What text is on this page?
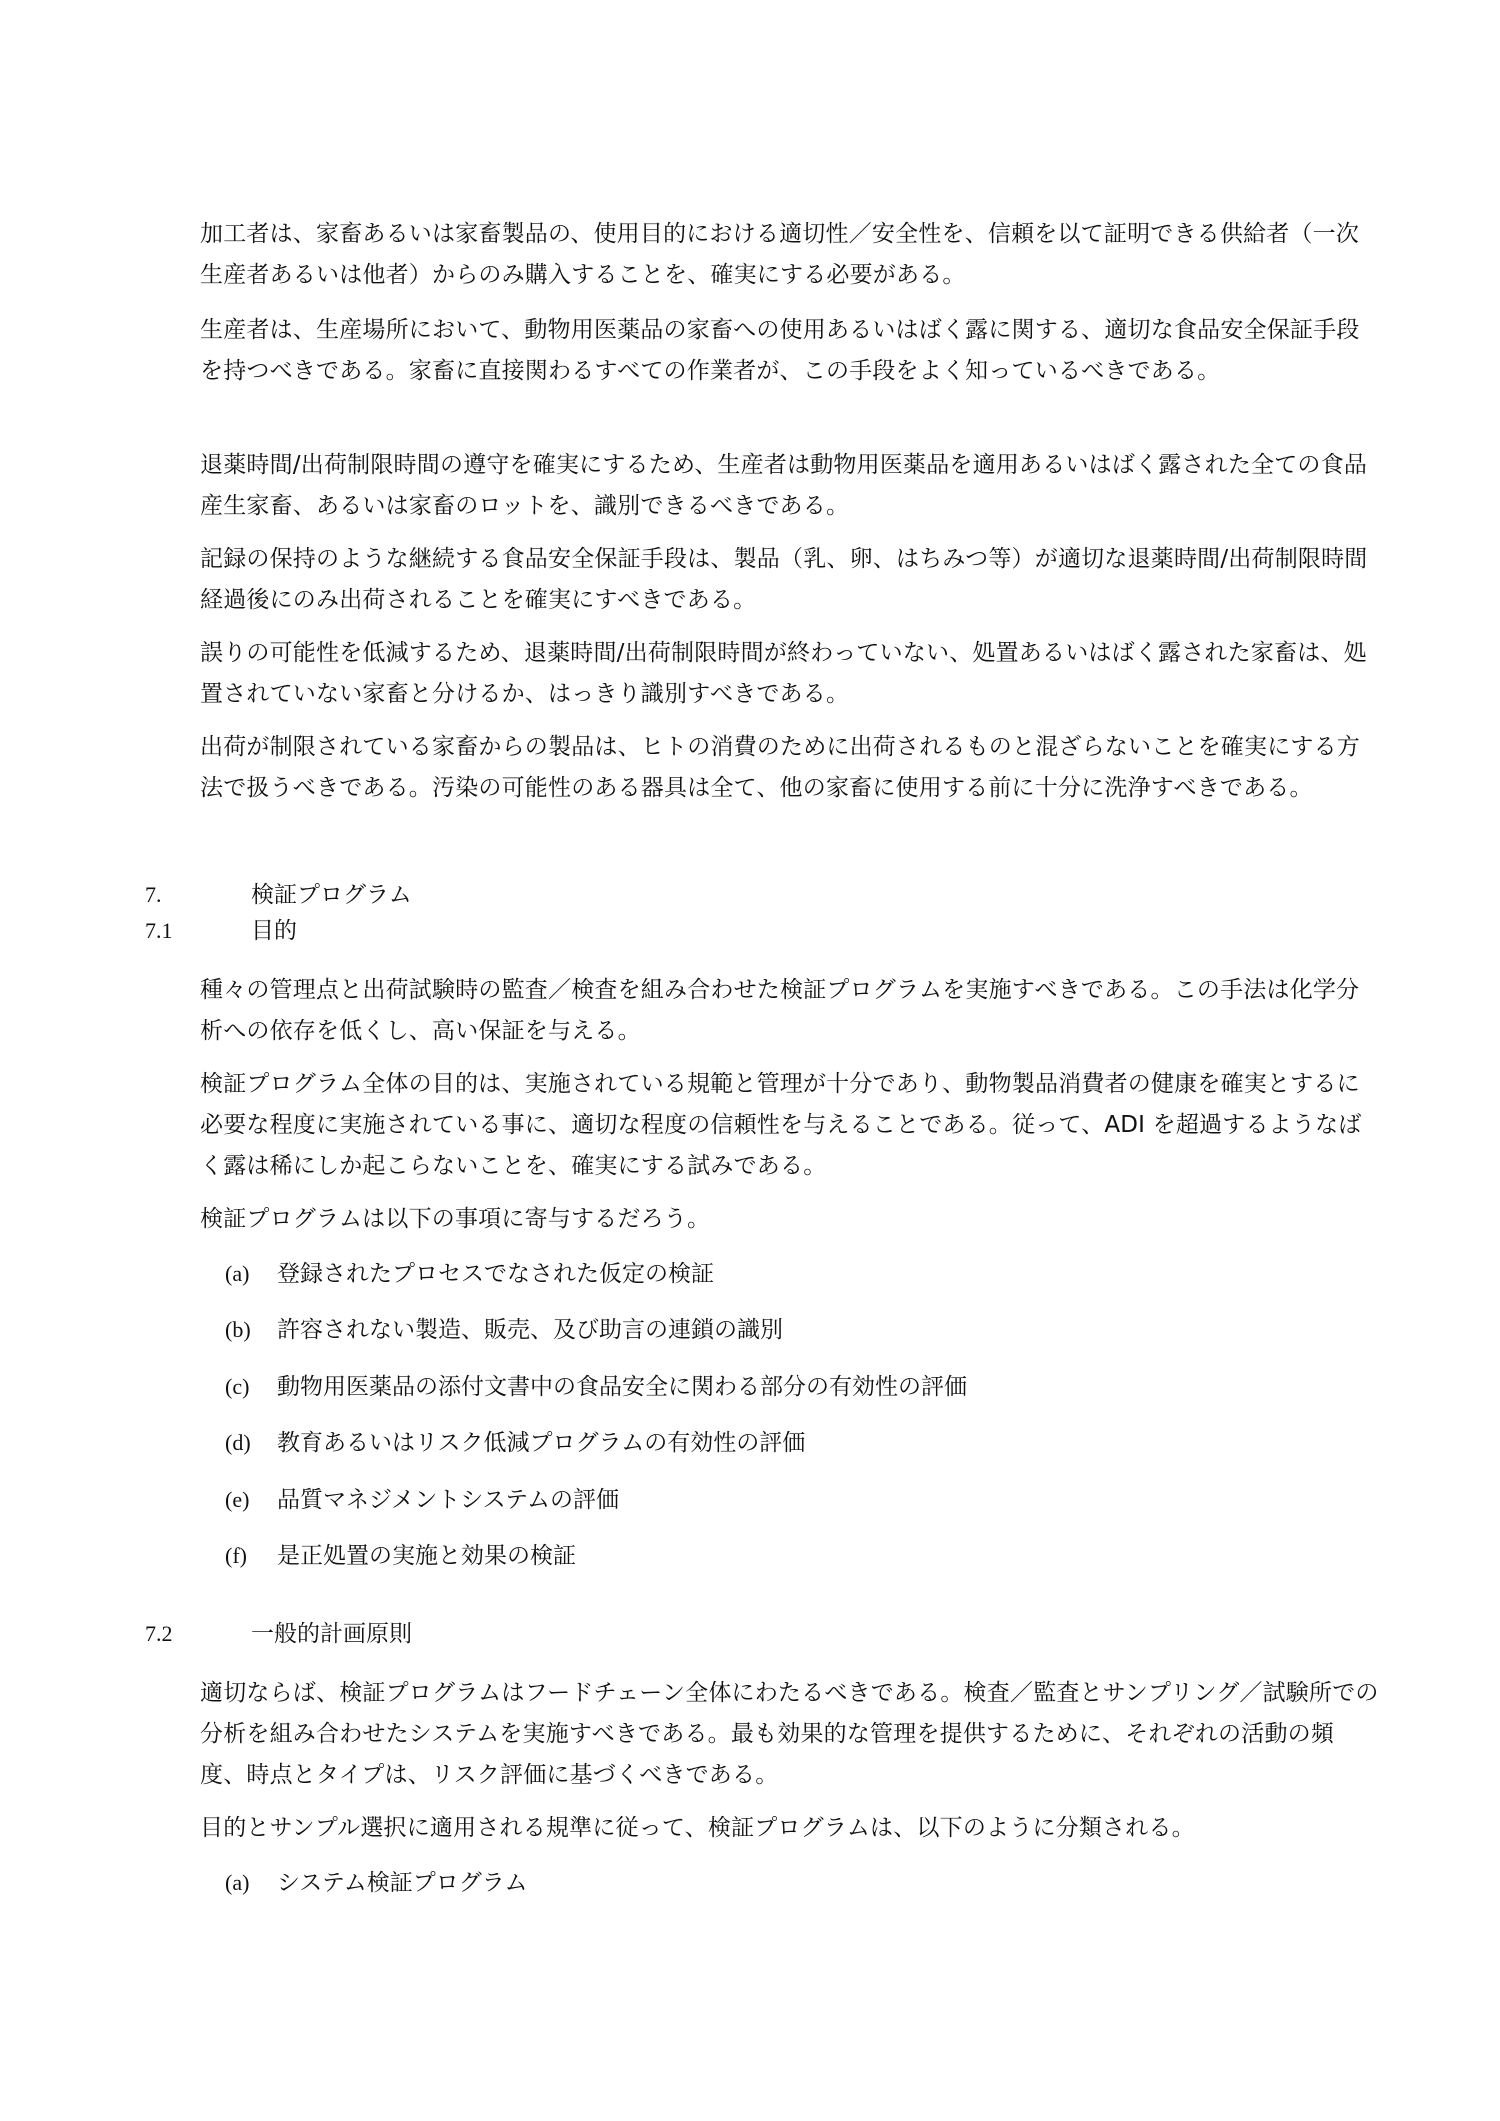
加工者は、家畜あるいは家畜製品の、使用目的における適切性／安全性を、信頼を以て証明できる供給者（一次生産者あるいは他者）からのみ購入することを、確実にする必要がある。

生産者は、生産場所において、動物用医薬品の家畜への使用あるいはばく露に関する、適切な食品安全保証手段を持つべきである。家畜に直接関わるすべての作業者が、この手段をよく知っているべきである。

退薬時間/出荷制限時間の遵守を確実にするため、生産者は動物用医薬品を適用あるいはばく露された全ての食品産生家畜、あるいは家畜のロットを、識別できるべきである。

記録の保持のような継続する食品安全保証手段は、製品（乳、卵、はちみつ等）が適切な退薬時間/出荷制限時間経過後にのみ出荷されることを確実にすべきである。

誤りの可能性を低減するため、退薬時間/出荷制限時間が終わっていない、処置あるいはばく露された家畜は、処置されていない家畜と分けるか、はっきり識別すべきである。

出荷が制限されている家畜からの製品は、ヒトの消費のために出荷されるものと混ざらないことを確実にする方法で扱うべきである。汚染の可能性のある器具は全て、他の家畜に使用する前に十分に洗浄すべきである。

7.	検証プログラム
7.1	目的

種々の管理点と出荷試験時の監査／検査を組み合わせた検証プログラムを実施すべきである。この手法は化学分析への依存を低くし、高い保証を与える。

検証プログラム全体の目的は、実施されている規範と管理が十分であり、動物製品消費者の健康を確実とするに必要な程度に実施されている事に、適切な程度の信頼性を与えることである。従って、ADI を超過するようなばく露は稀にしか起こらないことを、確実にする試みである。

検証プログラムは以下の事項に寄与するだろう。

(a) 登録されたプロセスでなされた仮定の検証
(b) 許容されない製造、販売、及び助言の連鎖の識別
(c) 動物用医薬品の添付文書中の食品安全に関わる部分の有効性の評価
(d) 教育あるいはリスク低減プログラムの有効性の評価
(e) 品質マネジメントシステムの評価
(f) 是正処置の実施と効果の検証
7.2	一般的計画原則

適切ならば、検証プログラムはフードチェーン全体にわたるべきである。検査／監査とサンプリング／試験所での分析を組み合わせたシステムを実施すべきである。最も効果的な管理を提供するために、それぞれの活動の頻度、時点とタイプは、リスク評価に基づくべきである。

目的とサンプル選択に適用される規準に従って、検証プログラムは、以下のように分類される。

(a) システム検証プログラム
